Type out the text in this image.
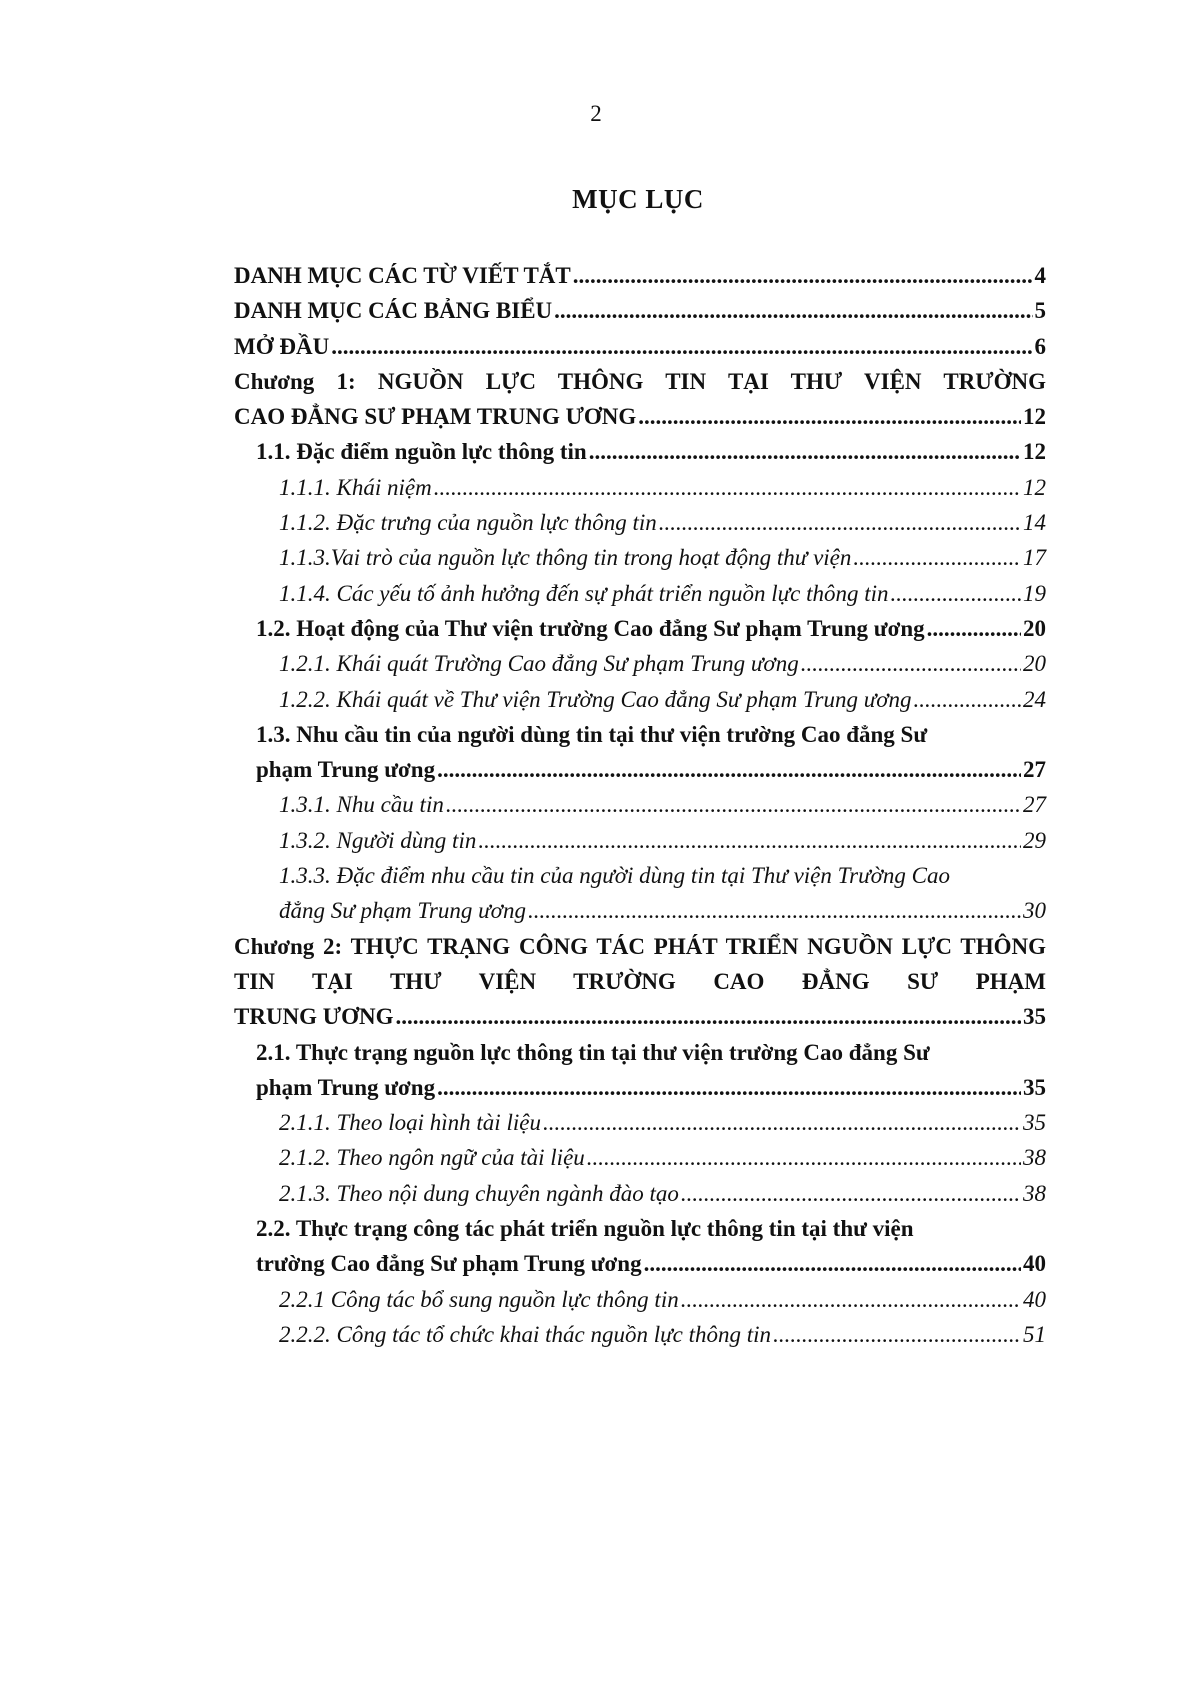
2
MỤC LỤC
DANH MỤC CÁC TỪ VIẾT TẮT .....	4
DANH MỤC CÁC BẢNG BIỂU .....	5
MỞ ĐẦU .....	6
Chương 1: NGUỒN LỰC THÔNG TIN TẠI THƯ VIỆN TRƯỜNG
CAO ĐẲNG SƯ PHẠM TRUNG ƯƠNG .....	12
1.1. Đặc điểm nguồn lực thông tin .....	12
1.1.1. Khái niệm .....	12
1.1.2. Đặc trưng của nguồn lực thông tin .....	14
1.1.3.Vai trò của nguồn lực thông tin trong hoạt động thư viện .....	17
1.1.4. Các yếu tố ảnh hưởng đến sự phát triển nguồn lực thông tin .....	19
1.2. Hoạt động của Thư viện trường Cao đẳng Sư phạm Trung ương .....	20
1.2.1. Khái quát Trường Cao đẳng Sư phạm Trung ương .....	20
1.2.2. Khái quát về Thư viện Trường Cao đẳng Sư phạm Trung ương .....	24
1.3. Nhu cầu tin của người dùng tin tại thư viện trường Cao đẳng Sư
phạm Trung ương .....	27
1.3.1. Nhu cầu tin .....	27
1.3.2. Người dùng tin .....	29
1.3.3. Đặc điểm nhu cầu tin của người dùng tin tại Thư viện Trường Cao
đẳng Sư phạm Trung ương .....	30
Chương 2: THỰC TRẠNG CÔNG TÁC PHÁT TRIỂN NGUỒN LỰC THÔNG TIN TẠI THƯ VIỆN TRƯỜNG CAO ĐẲNG SƯ PHẠM
TRUNG ƯƠNG .....	35
2.1. Thực trạng nguồn lực thông tin tại thư viện trường Cao đẳng Sư
phạm Trung ương .....	35
2.1.1. Theo loại hình tài liệu .....	35
2.1.2. Theo ngôn ngữ của tài liệu .....	38
2.1.3. Theo nội dung chuyên ngành đào tạo .....	38
2.2. Thực trạng công tác phát triển nguồn lực thông tin tại thư viện
trường Cao đẳng Sư phạm Trung ương .....	40
2.2.1 Công tác bổ sung nguồn lực thông tin .....	40
2.2.2. Công tác tổ chức khai thác nguồn lực thông tin .....	51
